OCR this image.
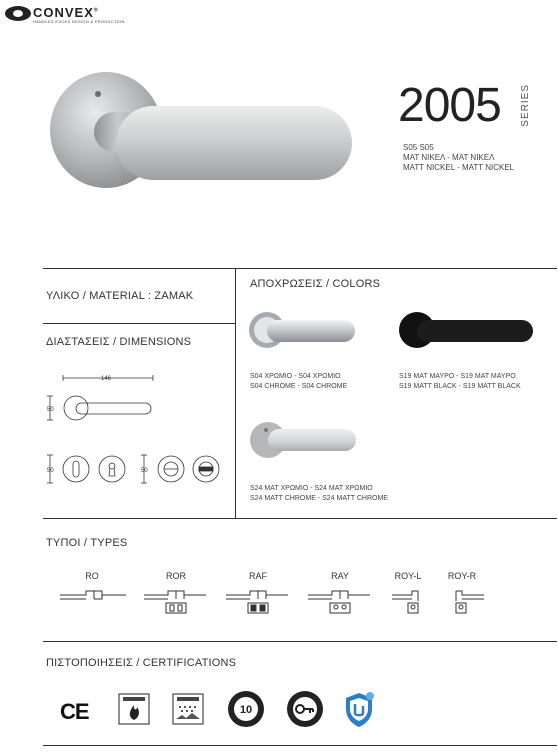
CONVEX®
HANDLES ESCES DESIGN & PRODUCTION
2005 SERIES
S05 S05
ΜΑΤ ΝΙΚΕΛ - ΜΑΤ ΝΙΚΕΛ
MATT NICKEL - MATT NICKEL
ΥΛΙΚΟ / MATERIAL : ZAMAK
ΔΙΑΣΤΑΣΕΙΣ / DIMENSIONS
146
50
50	50
ΑΠΟΧΡΩΣΕΙΣ / COLORS
S04 ΧΡΩΜΙΟ - S04 ΧΡΩΜΙΟ
S04 CHROME - S04 CHROME
S19 ΜΑΤ ΜΑΥΡΟ - S19 ΜΑΤ ΜΑΥΡΟ
S19 MATT BLACK - S19 MATT BLACK
S24 ΜΑΤ ΧΡΩΜΙΟ - S24 ΜΑΤ ΧΡΩΜΙΟ
S24 MATT CHROME - S24 MATT CHROME
ΤΥΠΟΙ / TYPES
RO	ROR	RAF	RAY	ROY-L	ROY-R
ΠΙΣΤΟΠΟΙΗΣΕΙΣ / CERTIFICATIONS
CE	10
